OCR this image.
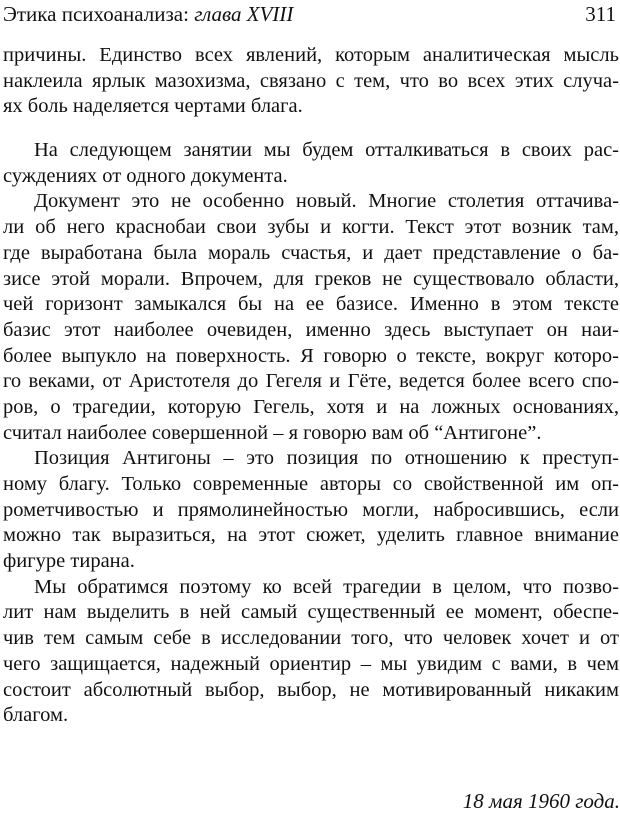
Этика психоанализа: глава XVIII	311
причины. Единство всех явлений, которым аналитическая мысль
наклеила ярлык мазохизма, связано с тем, что во всех этих случа-
ях боль наделяется чертами блага.
На следующем занятии мы будем отталкиваться в своих рас-
суждениях от одного документа.
Документ это не особенно новый. Многие столетия оттачива-
ли об него краснобаи свои зубы и когти. Текст этот возник там,
где выработана была мораль счастья, и дает представление о ба-
зисе этой морали. Впрочем, для греков не существовало области,
чей горизонт замыкался бы на ее базисе. Именно в этом тексте
базис этот наиболее очевиден, именно здесь выступает он наи-
более выпукло на поверхность. Я говорю о тексте, вокруг которо-
го веками, от Аристотеля до Гегеля и Гёте, ведется более всего спо-
ров, о трагедии, которую Гегель, хотя и на ложных основаниях,
считал наиболее совершенной – я говорю вам об “Антигоне”.
Позиция Антигоны – это позиция по отношению к преступ-
ному благу. Только современные авторы со свойственной им оп-
рометчивостью и прямолинейностью могли, набросившись, если
можно так выразиться, на этот сюжет, уделить главное внимание
фигуре тирана.
Мы обратимся поэтому ко всей трагедии в целом, что позво-
лит нам выделить в ней самый существенный ее момент, обеспе-
чив тем самым себе в исследовании того, что человек хочет и от
чего защищается, надежный ориентир – мы увидим с вами, в чем
состоит абсолютный выбор, выбор, не мотивированный никаким
благом.
18 мая 1960 года.
